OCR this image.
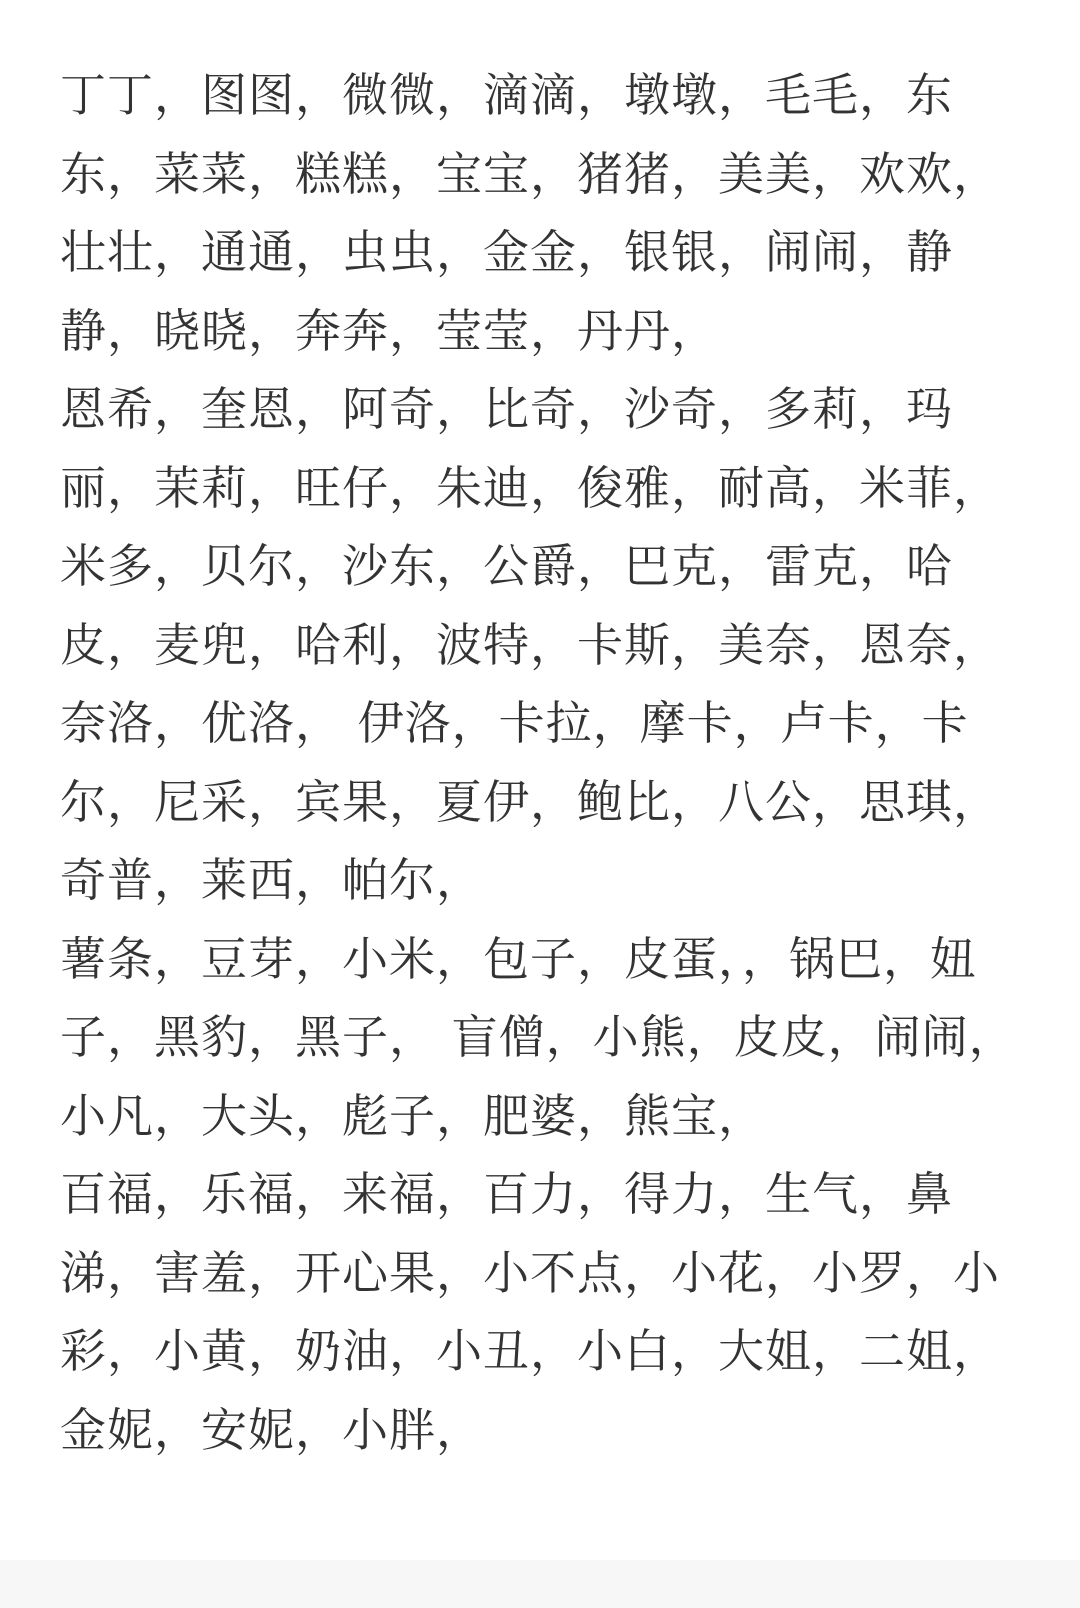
丁丁，图图，微微，滴滴，墩墩，毛毛，东东，菜菜，糕糕，宝宝，猪猪，美美，欢欢，壮壮，通通，虫虫，金金，银银，闹闹，静静，晓晓，奔奔，莹莹，丹丹，

恩希，奎恩，阿奇，比奇，沙奇，多莉，玛丽，茉莉，旺仔，朱迪，俊雅，耐高，米菲，米多，贝尔，沙东，公爵，巴克，雷克，哈皮，麦兜，哈利，波特，卡斯，美奈，恩奈，奈洛，优洛， 伊洛，卡拉，摩卡，卢卡，卡尔，尼采，宾果，夏伊，鲍比，八公，思琪，奇普，莱西，帕尔，

薯条，豆芽，小米，包子，皮蛋，，锅巴，妞子，黑豹，黑子， 盲僧，小熊，皮皮，闹闹，小凡，大头，彪子，肥婆，熊宝，

百福，乐福，来福，百力，得力，生气，鼻涕，害羞，开心果，小不点，小花，小罗，小彩，小黄，奶油，小丑，小白，大姐，二姐，金妮，安妮，小胖，
